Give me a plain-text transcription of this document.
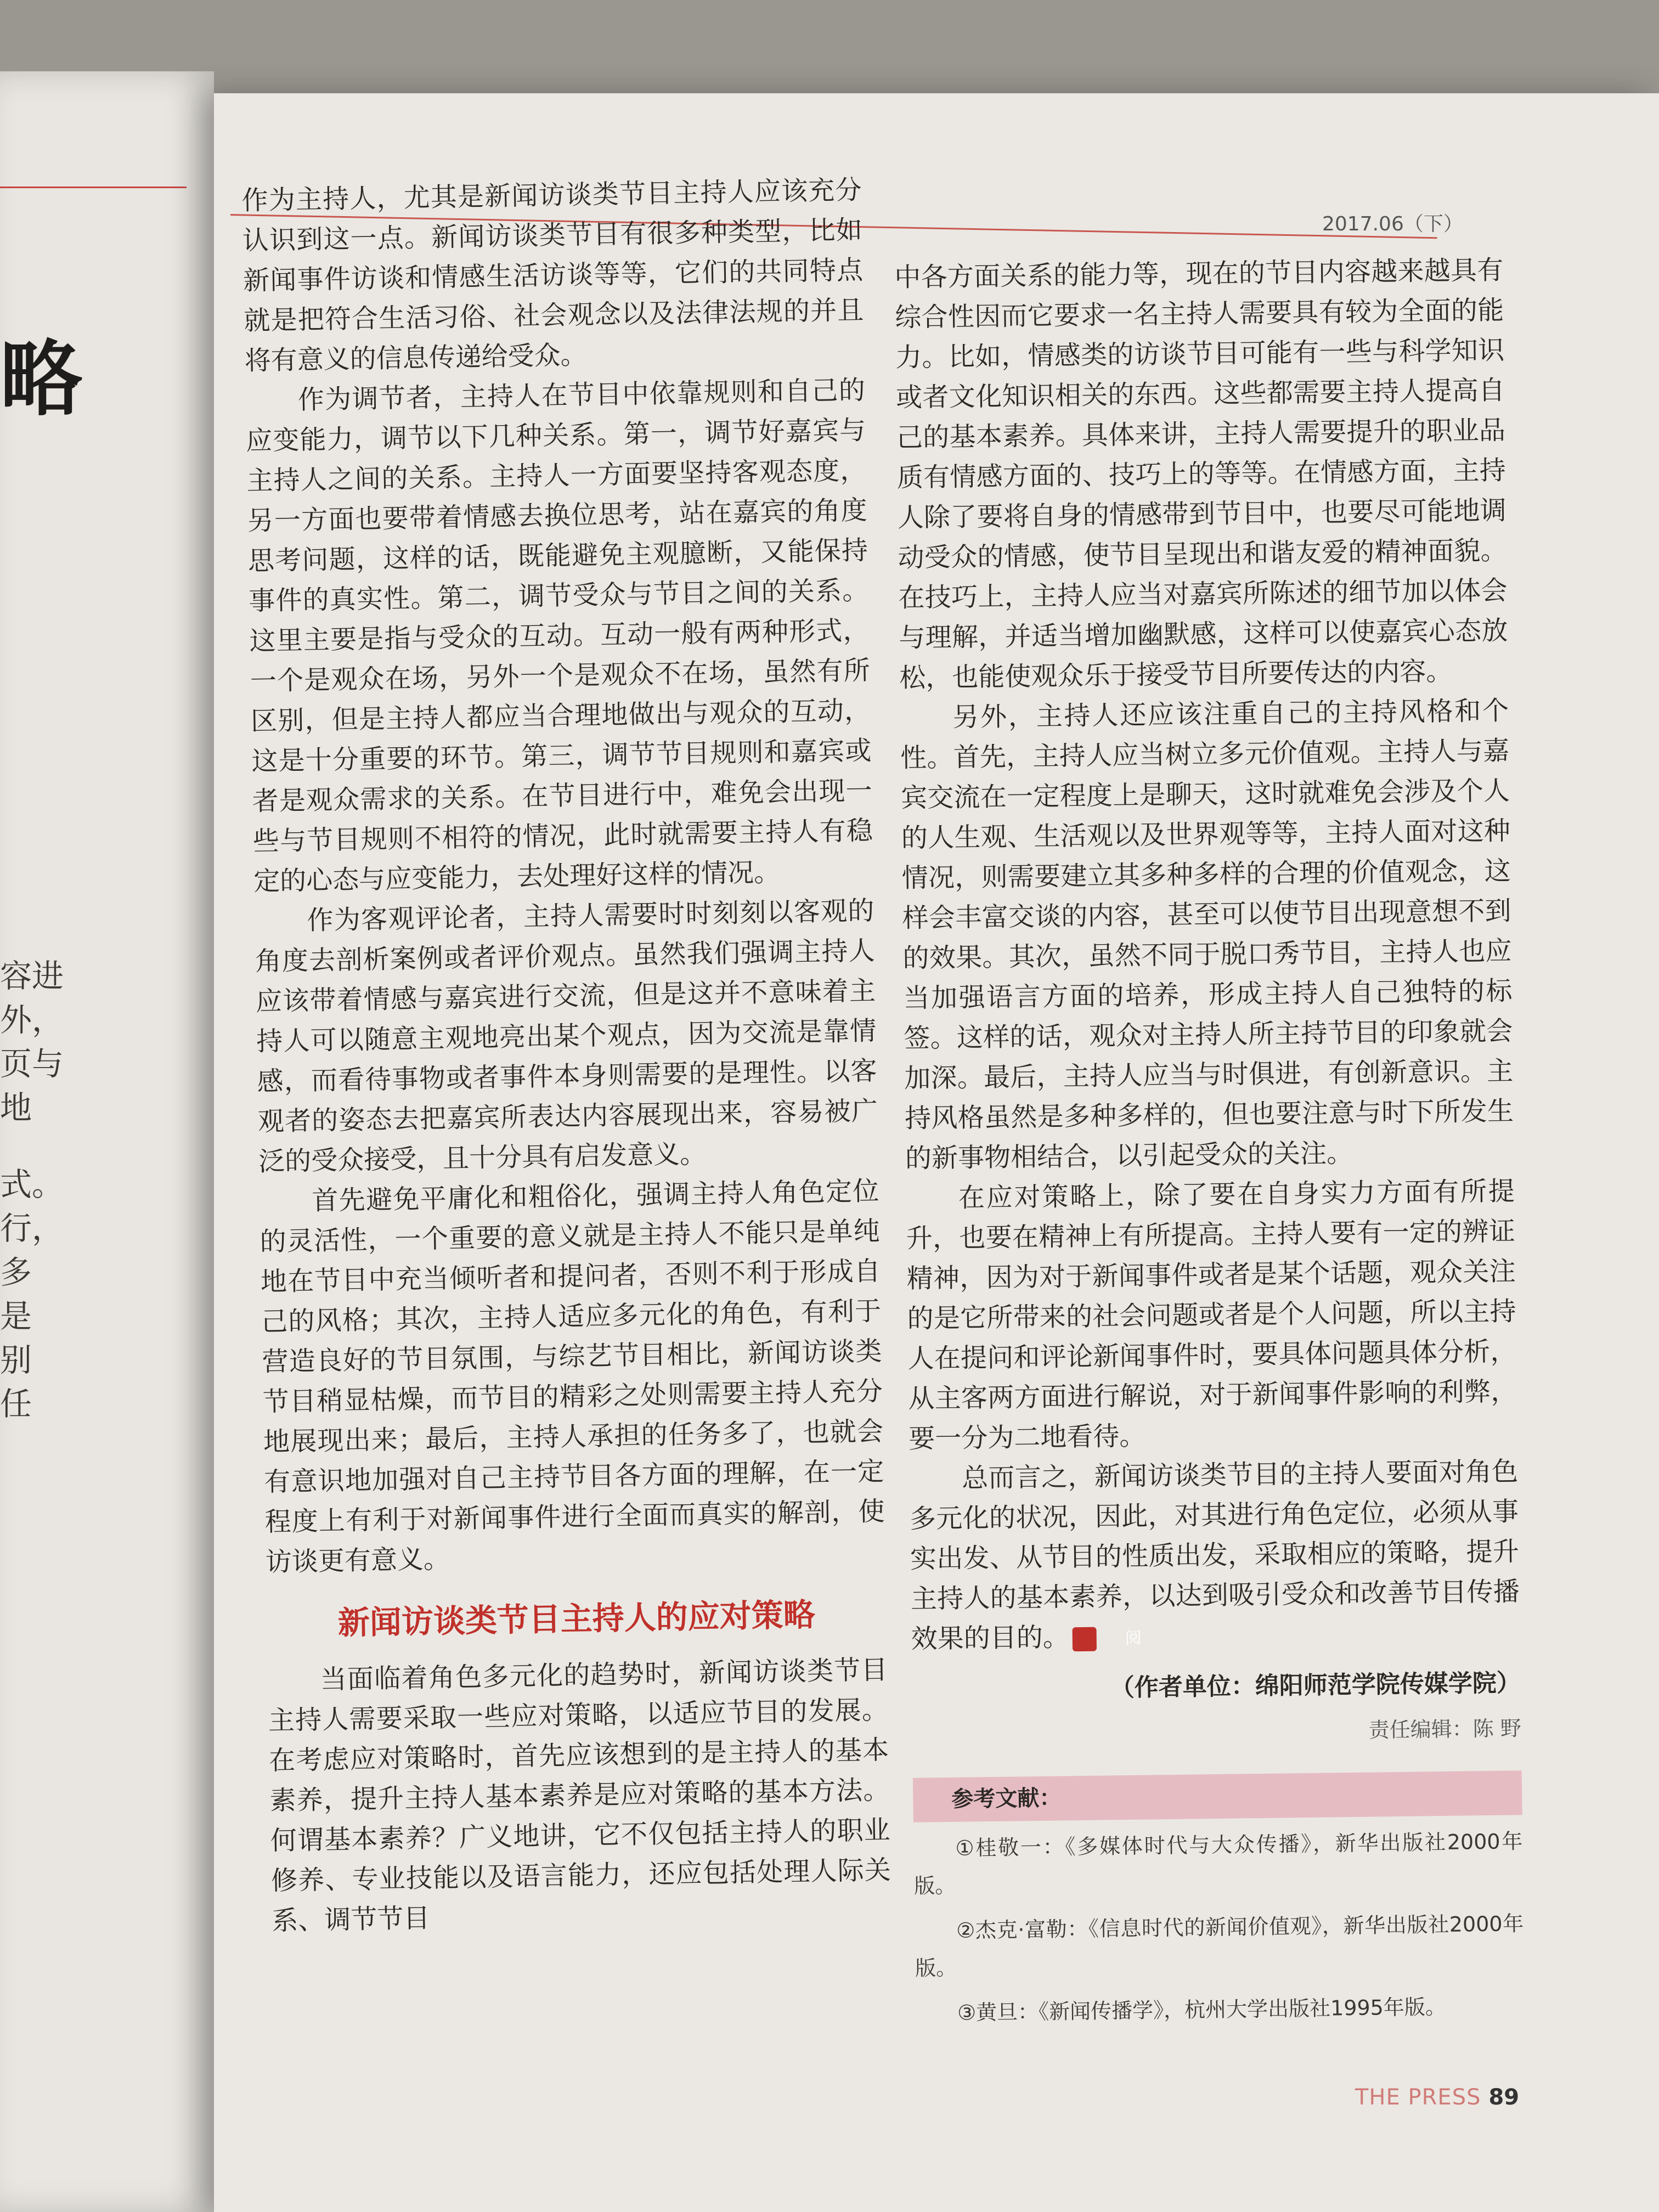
略
容进
外，
页与
地
式。
行，
多
是
别
任
2017.06（下）

作为主持人，尤其是新闻访谈类节目主持人应该充分认识到这一点。新闻访谈类节目有很多种类型，比如新闻事件访谈和情感生活访谈等等，它们的共同特点就是把符合生活习俗、社会观念以及法律法规的并且将有意义的信息传递给受众。

作为调节者，主持人在节目中依靠规则和自己的应变能力，调节以下几种关系。第一，调节好嘉宾与主持人之间的关系。主持人一方面要坚持客观态度，另一方面也要带着情感去换位思考，站在嘉宾的角度思考问题，这样的话，既能避免主观臆断，又能保持事件的真实性。第二，调节受众与节目之间的关系。这里主要是指与受众的互动。互动一般有两种形式，一个是观众在场，另外一个是观众不在场，虽然有所区别，但是主持人都应当合理地做出与观众的互动，这是十分重要的环节。第三，调节节目规则和嘉宾或者是观众需求的关系。在节目进行中，难免会出现一些与节目规则不相符的情况，此时就需要主持人有稳定的心态与应变能力，去处理好这样的情况。

作为客观评论者，主持人需要时时刻刻以客观的角度去剖析案例或者评价观点。虽然我们强调主持人应该带着情感与嘉宾进行交流，但是这并不意味着主持人可以随意主观地亮出某个观点，因为交流是靠情感，而看待事物或者事件本身则需要的是理性。以客观者的姿态去把嘉宾所表达内容展现出来，容易被广泛的受众接受，且十分具有启发意义。

首先避免平庸化和粗俗化，强调主持人角色定位的灵活性，一个重要的意义就是主持人不能只是单纯地在节目中充当倾听者和提问者，否则不利于形成自己的风格；其次，主持人适应多元化的角色，有利于营造良好的节目氛围，与综艺节目相比，新闻访谈类节目稍显枯燥，而节目的精彩之处则需要主持人充分地展现出来；最后，主持人承担的任务多了，也就会有意识地加强对自己主持节目各方面的理解，在一定程度上有利于对新闻事件进行全面而真实的解剖，使访谈更有意义。

新闻访谈类节目主持人的应对策略

当面临着角色多元化的趋势时，新闻访谈类节目主持人需要采取一些应对策略，以适应节目的发展。在考虑应对策略时，首先应该想到的是主持人的基本素养，提升主持人基本素养是应对策略的基本方法。何谓基本素养？广义地讲，它不仅包括主持人的职业修养、专业技能以及语言能力，还应包括处理人际关系、调节节目

中各方面关系的能力等，现在的节目内容越来越具有综合性因而它要求一名主持人需要具有较为全面的能力。比如，情感类的访谈节目可能有一些与科学知识或者文化知识相关的东西。这些都需要主持人提高自己的基本素养。具体来讲，主持人需要提升的职业品质有情感方面的、技巧上的等等。在情感方面，主持人除了要将自身的情感带到节目中，也要尽可能地调动受众的情感，使节目呈现出和谐友爱的精神面貌。在技巧上，主持人应当对嘉宾所陈述的细节加以体会与理解，并适当增加幽默感，这样可以使嘉宾心态放松，也能使观众乐于接受节目所要传达的内容。

另外，主持人还应该注重自己的主持风格和个性。首先，主持人应当树立多元价值观。主持人与嘉宾交流在一定程度上是聊天，这时就难免会涉及个人的人生观、生活观以及世界观等等，主持人面对这种情况，则需要建立其多种多样的合理的价值观念，这样会丰富交谈的内容，甚至可以使节目出现意想不到的效果。其次，虽然不同于脱口秀节目，主持人也应当加强语言方面的培养，形成主持人自己独特的标签。这样的话，观众对主持人所主持节目的印象就会加深。最后，主持人应当与时俱进，有创新意识。主持风格虽然是多种多样的，但也要注意与时下所发生的新事物相结合，以引起受众的关注。

在应对策略上，除了要在自身实力方面有所提升，也要在精神上有所提高。主持人要有一定的辨证精神，因为对于新闻事件或者是某个话题，观众关注的是它所带来的社会问题或者是个人问题，所以主持人在提问和评论新闻事件时，要具体问题具体分析，从主客两方面进行解说，对于新闻事件影响的利弊，要一分为二地看待。

总而言之，新闻访谈类节目的主持人要面对角色多元化的状况，因此，对其进行角色定位，必须从事实出发、从节目的性质出发，采取相应的策略，提升主持人的基本素养，以达到吸引受众和改善节目传播效果的目的。	阅

（作者单位：绵阳师范学院传媒学院）
责任编辑：陈 野
参考文献：
①桂敬一：《多媒体时代与大众传播》，新华出版社2000年版。
②杰克·富勒：《信息时代的新闻价值观》，新华出版社2000年版。
③黄旦：《新闻传播学》，杭州大学出版社1995年版。
THE PRESS 89
